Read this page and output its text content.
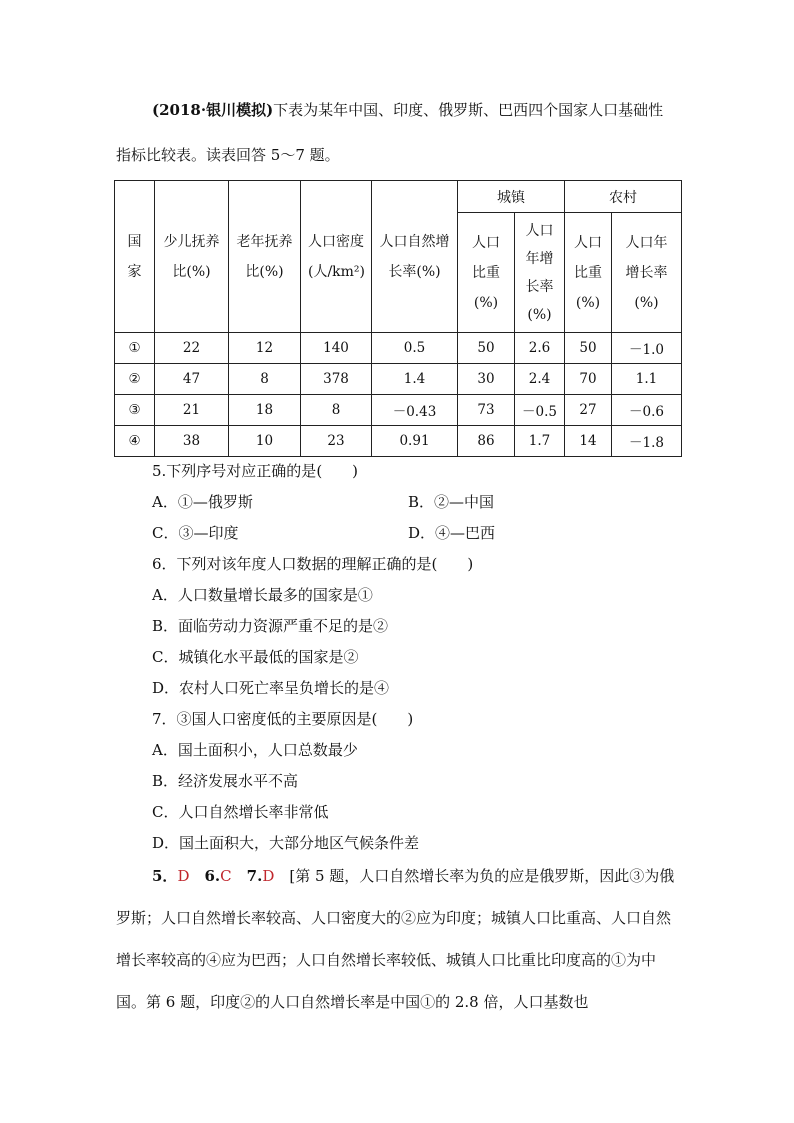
(2018·银川模拟)下表为某年中国、印度、俄罗斯、巴西四个国家人口基础性
指标比较表。读表回答 5～7 题。
国家	少儿抚养比(%)	老年抚养比(%)	人口密度(人/km²)	人口自然增长率(%)	城镇		农村	

					人口比重(%)	人口年增长率(%)	人口比重(%)	人口年增长率(%)

①	22	12	140	0.5	50	2.6	50	－1.0
②	47	8	378	1.4	30	2.4	70	1.1
③	21	18	8	－0.43	73	－0.5	27	－0.6
④	38	10	23	0.91	86	1.7	14	－1.8
5.下列序号对应正确的是(　　)
A．①—俄罗斯	B．②—中国
C．③—印度	D．④—巴西
6．下列对该年度人口数据的理解正确的是(　　)
A．人口数量增长最多的国家是①
B．面临劳动力资源严重不足的是②
C．城镇化水平最低的国家是②
D．农村人口死亡率呈负增长的是④
7．③国人口密度低的主要原因是(　　)
A．国土面积小，人口总数最少
B．经济发展水平不高
C．人口自然增长率非常低
D．国土面积大，大部分地区气候条件差
5．D　 6.C　 7.D　 [第 5 题，人口自然增长率为负的应是俄罗斯，因此③为俄罗斯；人口自然增长率较高、人口密度大的②应为印度；城镇人口比重高、人口自然增长率较高的④应为巴西；人口自然增长率较低、城镇人口比重比印度高的①为中国。第 6 题，印度②的人口自然增长率是中国①的 2.8 倍，人口基数也
